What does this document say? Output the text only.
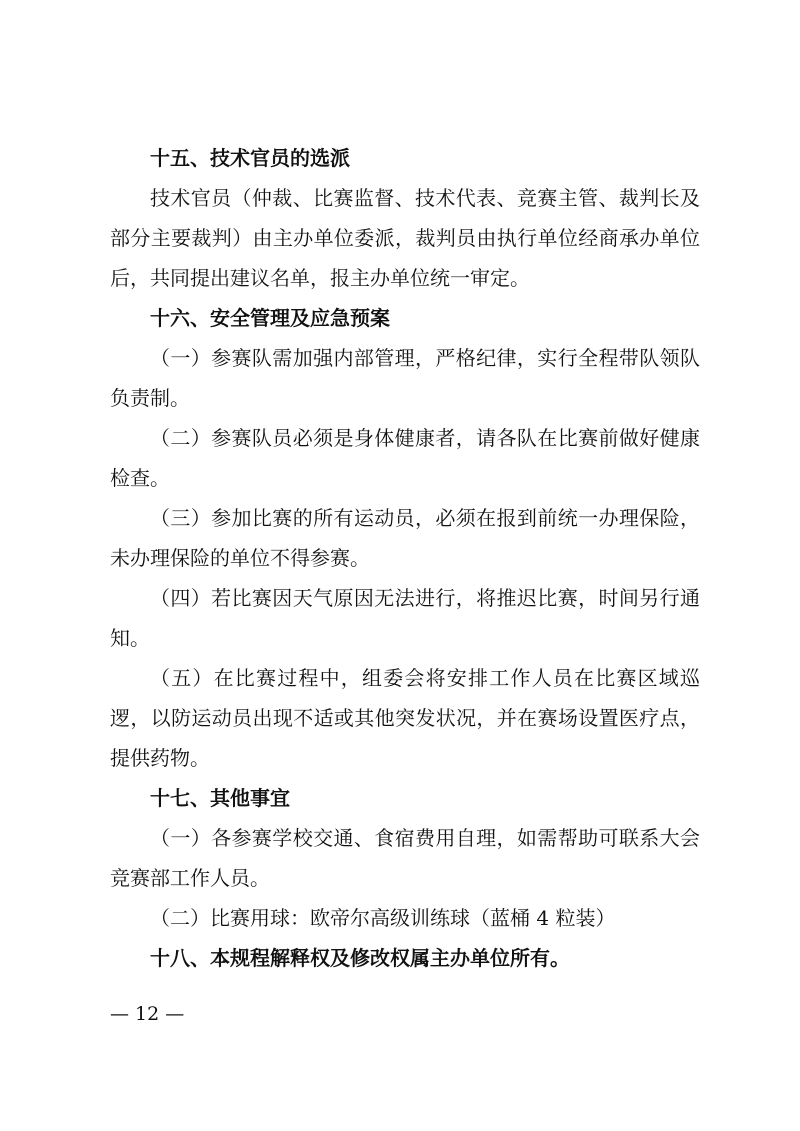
十五、技术官员的选派

技术官员（仲裁、比赛监督、技术代表、竞赛主管、裁判长及部分主要裁判）由主办单位委派，裁判员由执行单位经商承办单位后，共同提出建议名单，报主办单位统一审定。

十六、安全管理及应急预案

（一）参赛队需加强内部管理，严格纪律，实行全程带队领队负责制。

（二）参赛队员必须是身体健康者，请各队在比赛前做好健康检查。

（三）参加比赛的所有运动员，必须在报到前统一办理保险，未办理保险的单位不得参赛。

（四）若比赛因天气原因无法进行，将推迟比赛，时间另行通知。

（五）在比赛过程中，组委会将安排工作人员在比赛区域巡逻，以防运动员出现不适或其他突发状况，并在赛场设置医疗点，提供药物。

十七、其他事宜

（一）各参赛学校交通、食宿费用自理，如需帮助可联系大会竞赛部工作人员。

（二）比赛用球：欧帝尔高级训练球（蓝桶 4 粒装）

十八、本规程解释权及修改权属主办单位所有。

— 12 —
